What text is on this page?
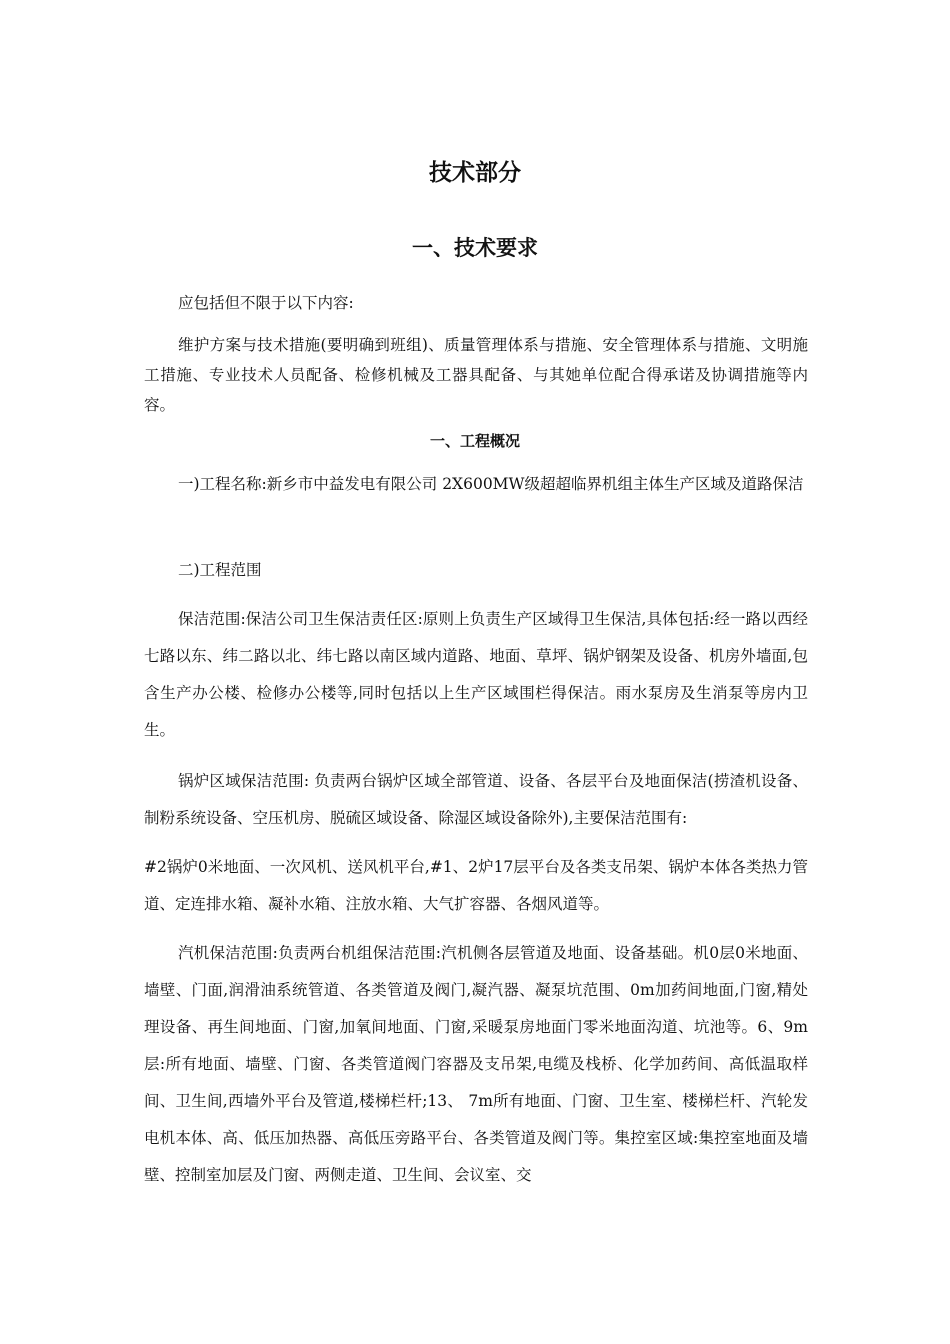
技术部分
一、技术要求

应包括但不限于以下内容:

维护方案与技术措施(要明确到班组)、质量管理体系与措施、安全管理体系与措施、文明施工措施、专业技术人员配备、检修机械及工器具配备、与其她单位配合得承诺及协调措施等内容。

一、工程概况

一)工程名称:新乡市中益发电有限公司 2X600MW级超超临界机组主体生产区域及道路保洁

二)工程范围

保洁范围:保洁公司卫生保洁责任区:原则上负责生产区域得卫生保洁,具体包括:经一路以西经七路以东、纬二路以北、纬七路以南区域内道路、地面、草坪、锅炉钢架及设备、机房外墙面,包含生产办公楼、检修办公楼等,同时包括以上生产区域围栏得保洁。雨水泵房及生消泵等房内卫生。

锅炉区域保洁范围: 负责两台锅炉区域全部管道、设备、各层平台及地面保洁(捞渣机设备、制粉系统设备、空压机房、脱硫区域设备、除湿区域设备除外),主要保洁范围有:

#2锅炉0米地面、一次风机、送风机平台,#1、2炉17层平台及各类支吊架、锅炉本体各类热力管道、定连排水箱、凝补水箱、注放水箱、大气扩容器、各烟风道等。

汽机保洁范围:负责两台机组保洁范围:汽机侧各层管道及地面、设备基础。机0层0米地面、墙壁、门面,润滑油系统管道、各类管道及阀门,凝汽器、凝泵坑范围、0m加药间地面,门窗,精处理设备、再生间地面、门窗,加氧间地面、门窗,采暖泵房地面门零米地面沟道、坑池等。6、9m层:所有地面、墙壁、门窗、各类管道阀门容器及支吊架,电缆及栈桥、化学加药间、高低温取样间、卫生间,西墙外平台及管道,楼梯栏杆;13、 7m所有地面、门窗、卫生室、楼梯栏杆、汽轮发电机本体、高、低压加热器、高低压旁路平台、各类管道及阀门等。集控室区域:集控室地面及墙壁、控制室加层及门窗、两侧走道、卫生间、会议室、交
